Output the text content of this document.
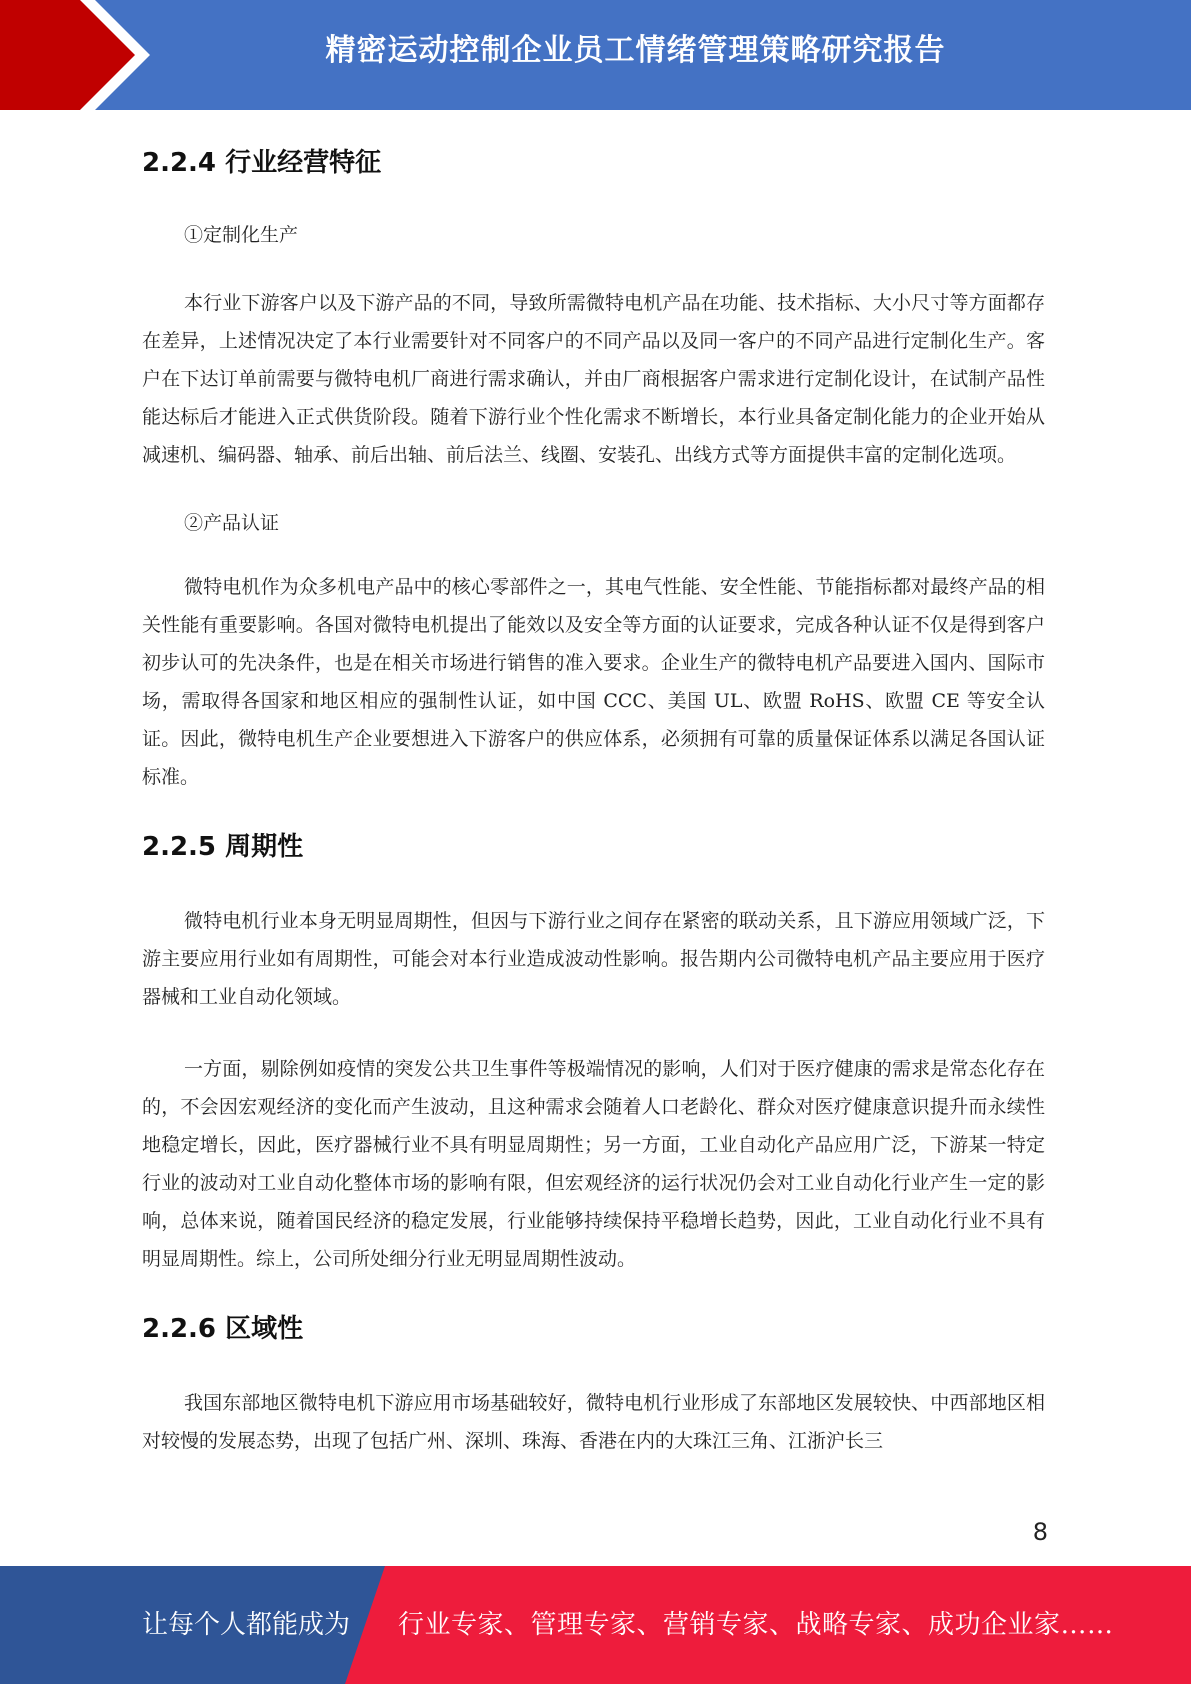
精密运动控制企业员工情绪管理策略研究报告
2.2.4 行业经营特征
①定制化生产

本行业下游客户以及下游产品的不同，导致所需微特电机产品在功能、技术指标、大小尺寸等方面都存在差异，上述情况决定了本行业需要针对不同客户的不同产品以及同一客户的不同产品进行定制化生产。客户在下达订单前需要与微特电机厂商进行需求确认，并由厂商根据客户需求进行定制化设计，在试制产品性能达标后才能进入正式供货阶段。随着下游行业个性化需求不断增长，本行业具备定制化能力的企业开始从减速机、编码器、轴承、前后出轴、前后法兰、线圈、安装孔、出线方式等方面提供丰富的定制化选项。

②产品认证

微特电机作为众多机电产品中的核心零部件之一，其电气性能、安全性能、节能指标都对最终产品的相关性能有重要影响。各国对微特电机提出了能效以及安全等方面的认证要求，完成各种认证不仅是得到客户初步认可的先决条件，也是在相关市场进行销售的准入要求。企业生产的微特电机产品要进入国内、国际市场，需取得各国家和地区相应的强制性认证，如中国 CCC、美国 UL、欧盟 RoHS、欧盟 CE 等安全认证。因此，微特电机生产企业要想进入下游客户的供应体系，必须拥有可靠的质量保证体系以满足各国认证标准。

2.2.5 周期性

微特电机行业本身无明显周期性，但因与下游行业之间存在紧密的联动关系，且下游应用领域广泛，下游主要应用行业如有周期性，可能会对本行业造成波动性影响。报告期内公司微特电机产品主要应用于医疗器械和工业自动化领域。

一方面，剔除例如疫情的突发公共卫生事件等极端情况的影响，人们对于医疗健康的需求是常态化存在的，不会因宏观经济的变化而产生波动，且这种需求会随着人口老龄化、群众对医疗健康意识提升而永续性地稳定增长，因此，医疗器械行业不具有明显周期性；另一方面，工业自动化产品应用广泛，下游某一特定行业的波动对工业自动化整体市场的影响有限，但宏观经济的运行状况仍会对工业自动化行业产生一定的影响，总体来说，随着国民经济的稳定发展，行业能够持续保持平稳增长趋势，因此，工业自动化行业不具有明显周期性。综上，公司所处细分行业无明显周期性波动。

2.2.6 区域性

我国东部地区微特电机下游应用市场基础较好，微特电机行业形成了东部地区发展较快、中西部地区相对较慢的发展态势，出现了包括广州、深圳、珠海、香港在内的大珠江三角、江浙沪长三

8
让每个人都能成为 行业专家、管理专家、营销专家、战略专家、成功企业家……
